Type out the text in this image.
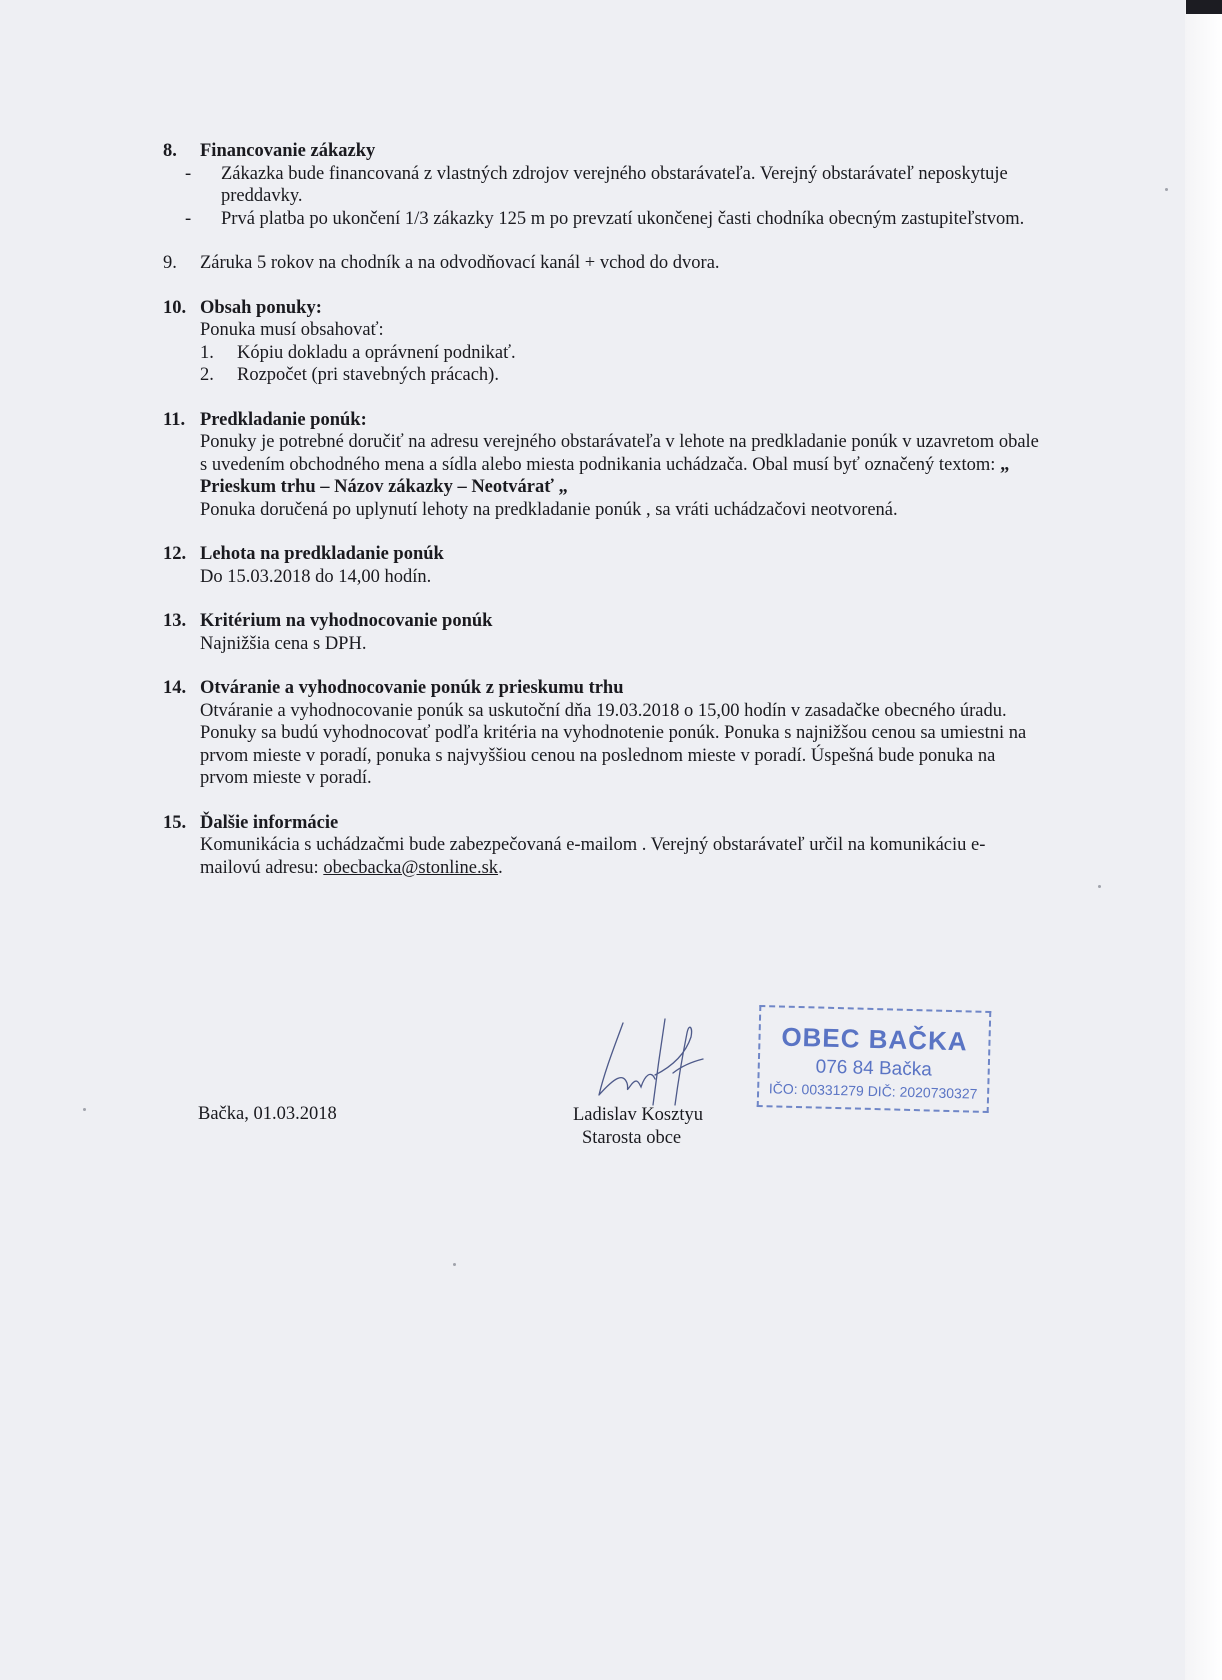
8. Financovanie zákazky
- Zákazka bude financovaná z vlastných zdrojov verejného obstarávateľa. Verejný obstarávateľ neposkytuje preddavky.
- Prvá platba po ukončení 1/3 zákazky 125 m po prevzatí ukončenej časti chodníka obecným zastupiteľstvom.
9. Záruka 5 rokov na chodník a na odvodňovací kanál + vchod do dvora.
10. Obsah ponuky:
Ponuka musí obsahovať:
1. Kópiu dokladu a oprávnení podnikať.
2. Rozpočet (pri stavebných prácach).
11. Predkladanie ponúk:
Ponuky je potrebné doručiť na adresu verejného obstarávateľa v lehote na predkladanie ponúk v uzavretom obale s uvedením obchodného mena a sídla alebo miesta podnikania uchádzača. Obal musí byť označený textom: „ Prieskum trhu – Názov zákazky – Neotvárať „
Ponuka doručená po uplynutí lehoty na predkladanie ponúk , sa vráti uchádzačovi neotvorená.
12. Lehota na predkladanie ponúk
Do 15.03.2018 do 14,00 hodín.
13. Kritérium na vyhodnocovanie ponúk
Najnižšia cena s DPH.
14. Otváranie a vyhodnocovanie ponúk z prieskumu trhu
Otváranie a vyhodnocovanie ponúk sa uskutoční dňa 19.03.2018 o 15,00 hodín v zasadačke obecného úradu.
Ponuky sa budú vyhodnocovať podľa kritéria na vyhodnotenie ponúk. Ponuka s najnižšou cenou sa umiestni na prvom mieste v poradí, ponuka s najvyššiou cenou na poslednom mieste v poradí. Úspešná bude ponuka na prvom mieste v poradí.
15. Ďalšie informácie
Komunikácia s uchádzačmi bude zabezpečovaná e-mailom . Verejný obstarávateľ určil na komunikáciu e-mailovú adresu: obecbacka@stonline.sk.
Bačka, 01.03.2018	Ladislav Kosztyu
Starosta obce
OBEC BAČKA
076 84 Bačka
IČO: 00331279 DIČ: 2020730327
